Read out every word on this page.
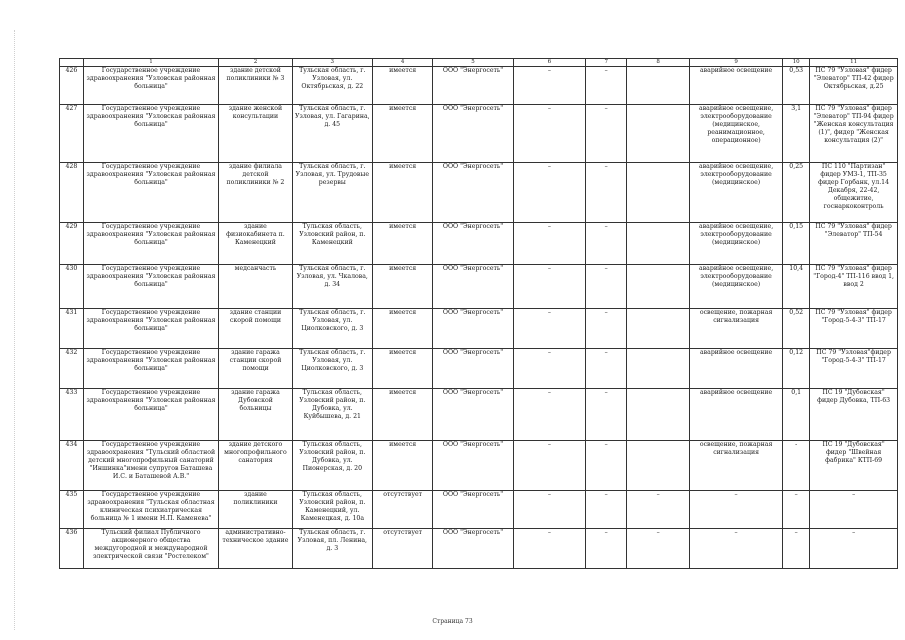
	1	2	3	4	5	6	7	8	9	10	11
426	Государственное учреждение здравоохранения "Узловская районная больница"	здание детской поликлиники № 3	Тульская область, г. Узловая, ул. Октябрьская, д. 22	имеется	ООО "Энергосеть"	–	–		аварийное освещение	0,53	ПС 79 "Узловая" фидер "Элеватор" ТП-42 фидер Октябрьская, д.25
427	Государственное учреждение здравоохранения "Узловская районная больница"	здание женской консультации	Тульская область, г. Узловая, ул. Гагарина, д. 45	имеется	ООО "Энергосеть"	–	–		аварийное освещение, электрооборудование (медицинское, реанимационное, операционное)	3,1	ПС 79 "Узловая" фидер "Элеватор" ТП-94 фидер "Женская консультация (1)", фидер "Женская консультация (2)"
428	Государственное учреждение здравоохранения "Узловская районная больница"	здание филиала детской поликлиники № 2	Тульская область, г. Узловая, ул. Трудовые резервы	имеется	ООО "Энергосеть"	–	–		аварийное освещение, электрооборудование (медицинское)	0,25	ПС 110 "Партизан" фидер УМЗ-1, ТП-35 фидер Горбанк, ул.14 Декабря, 22-42, общежитие, госнаркоконтроль
429	Государственное учреждение здравоохранения "Узловская районная больница"	здание физиокабинета п. Каменецкий	Тульская область, Узловский район, п. Каменецкий	имеется	ООО "Энергосеть"	–	–		аварийное освещение, электрооборудование (медицинское)	0,15	ПС 79 "Узловая" фидер "Элеватор" ТП-54
430	Государственное учреждение здравоохранения "Узловская районная больница"	медсанчасть	Тульская область, г. Узловая, ул. Чкалова, д. 34	имеется	ООО "Энергосеть"	–	–		аварийное освещение, электрооборудование (медицинское)	10,4	ПС 79 "Узловая" фидер "Город-4" ТП-116 ввод 1, ввод 2
431	Государственное учреждение здравоохранения "Узловская районная больница"	здание станции скорой помощи	Тульская область, г. Узловая, ул. Циолковского, д. 3	имеется	ООО "Энергосеть"	–	–		освещение, пожарная сигнализация	0,52	ПС 79 "Узловая" фидер "Город-5-4-3" ТП-17
432	Государственное учреждение здравоохранения "Узловская районная больница"	здание гаража станции скорой помощи	Тульская область, г. Узловая, ул. Циолковского, д. 3	имеется	ООО "Энергосеть"	–	–		аварийное освещение	0,12	ПС 79 "Узловая"фидер "Город-5-4-3" ТП-17
433	Государственное учреждение здравоохранения "Узловская районная больница"	здание гаража Дубовской больницы	Тульская область, Узловский район, п. Дубовка, ул. Куйбышева, д. 21	имеется	ООО "Энергосеть"	–	–		аварийное освещение	0,1	ПС 19 "Дубовская" фидер Дубовка, ТП-63
434	Государственное учреждение здравоохранения "Тульский областной детский многопрофильный санаторий "Иншинка"имени супругов Баташева И.С. и Баташевой А.В."	здание детского многопрофильного санатория	Тульская область, Узловский район, п. Дубовка, ул. Пионерская, д. 20	имеется	ООО "Энергосеть"	–	–		освещение, пожарная сигнализация	-	ПС 19 "Дубовская" фидер "Швейная фабрика" КТП-69
435	Государственное учреждение здравоохранения "Тульская областная клиническая психиатрическая больница № 1 имени Н.П. Каменева"	здание поликлиники	Тульская область, Узловский район, п. Каменецкий, ул. Каменецкая, д. 10а	отсутствует	ООО "Энергосеть"	–	–	–	–	–	–
436	Тульский филиал Публичного акционерного общества междугородной и международной электрической связи "Ростелеком"	административно-техническое здание	Тульская область, г. Узловая, пл. Ленина, д. 3	отсутствует	ООО "Энергосеть"	–	–	–	–	–	–
Страница 73
